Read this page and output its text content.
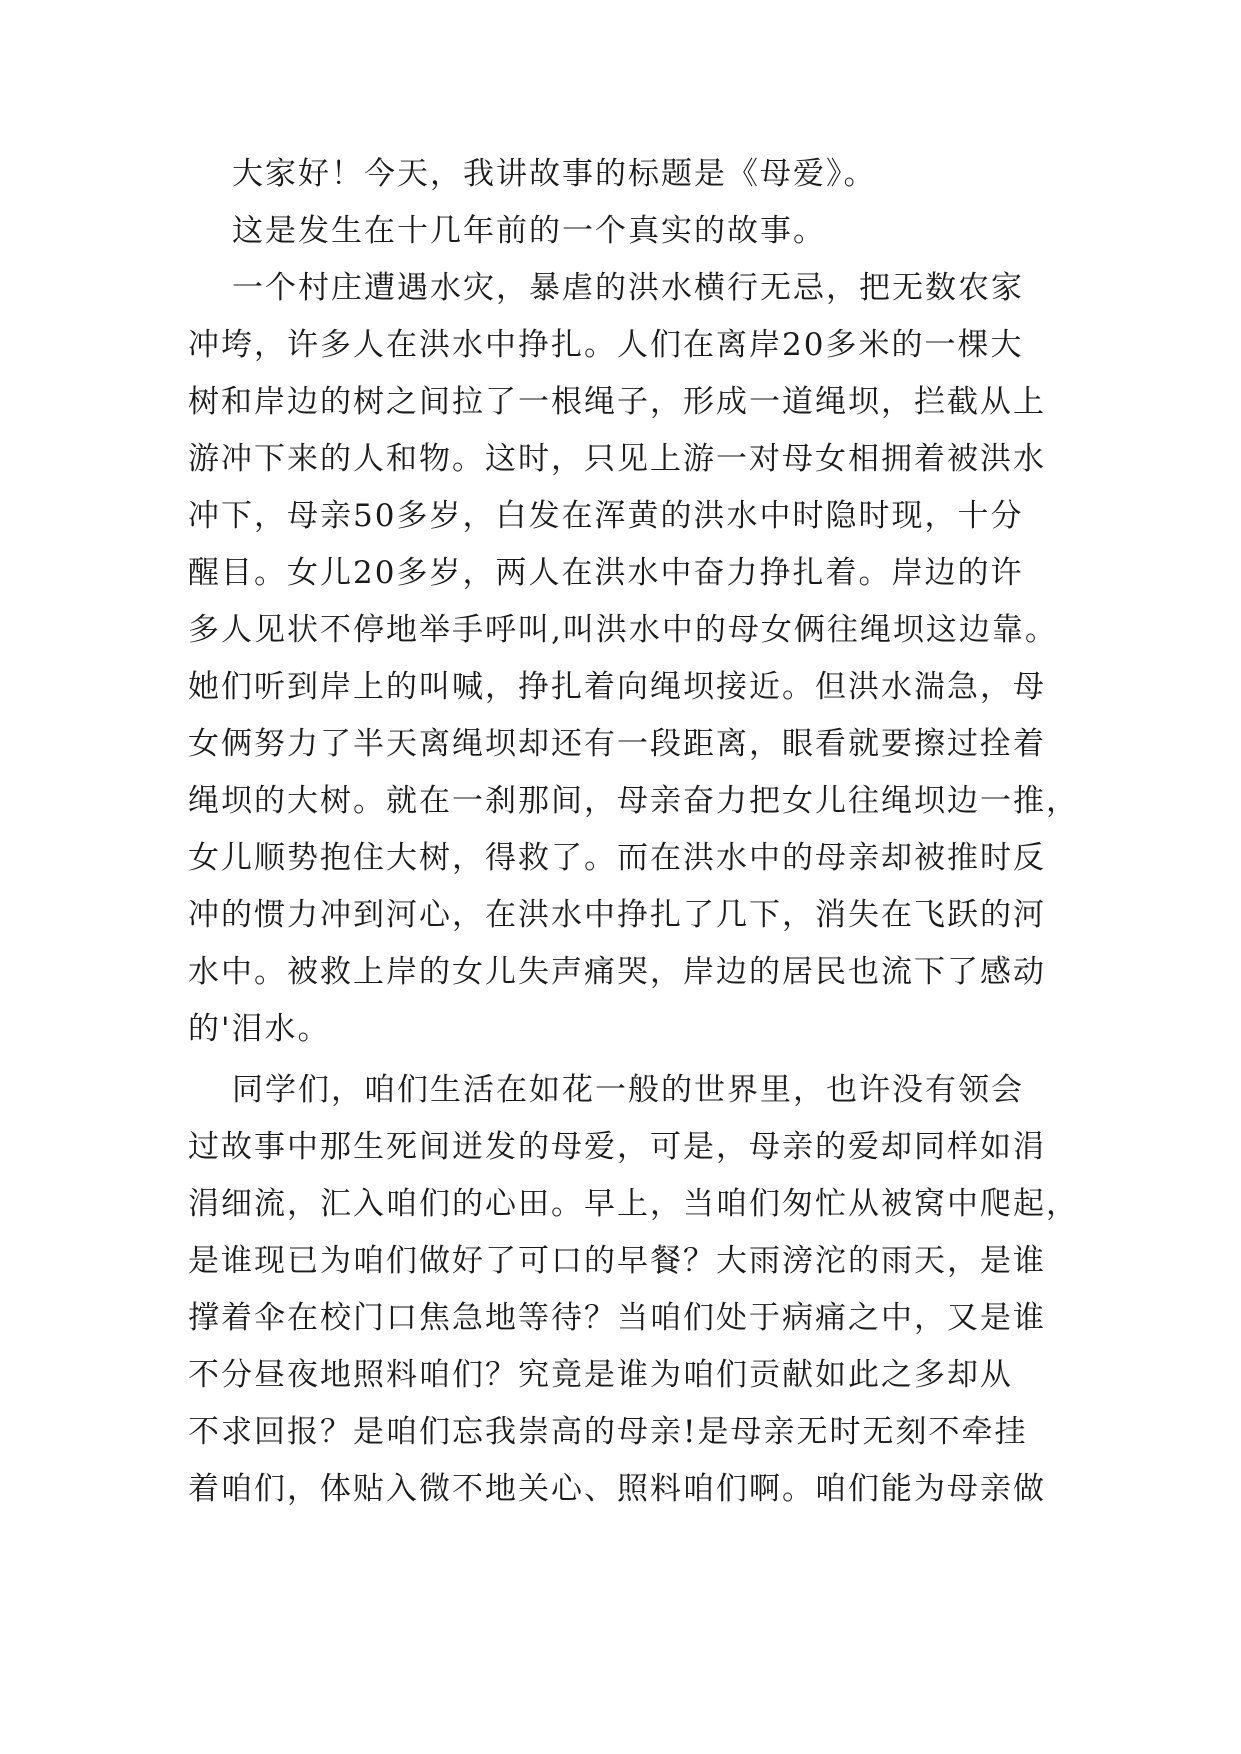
大家好！今天，我讲故事的标题是《母爱》。
这是发生在十几年前的一个真实的故事。
一个村庄遭遇水灾，暴虐的洪水横行无忌，把无数农家
冲垮，许多人在洪水中挣扎。人们在离岸20多米的一棵大
树和岸边的树之间拉了一根绳子，形成一道绳坝，拦截从上
游冲下来的人和物。这时，只见上游一对母女相拥着被洪水
冲下，母亲50多岁，白发在浑黄的洪水中时隐时现，十分
醒目。女儿20多岁，两人在洪水中奋力挣扎着。岸边的许
多人见状不停地举手呼叫,叫洪水中的母女俩往绳坝这边靠。
她们听到岸上的叫喊，挣扎着向绳坝接近。但洪水湍急，母
女俩努力了半天离绳坝却还有一段距离，眼看就要擦过拴着
绳坝的大树。就在一刹那间，母亲奋力把女儿往绳坝边一推，
女儿顺势抱住大树，得救了。而在洪水中的母亲却被推时反
冲的惯力冲到河心，在洪水中挣扎了几下，消失在飞跃的河
水中。被救上岸的女儿失声痛哭，岸边的居民也流下了感动
的'泪水。
同学们，咱们生活在如花一般的世界里，也许没有领会
过故事中那生死间迸发的母爱，可是，母亲的爱却同样如涓
涓细流，汇入咱们的心田。早上，当咱们匆忙从被窝中爬起，
是谁现已为咱们做好了可口的早餐？大雨滂沱的雨天，是谁
撑着伞在校门口焦急地等待？当咱们处于病痛之中，又是谁
不分昼夜地照料咱们？究竟是谁为咱们贡献如此之多却从
不求回报？是咱们忘我崇高的母亲!是母亲无时无刻不牵挂
着咱们，体贴入微不地关心、照料咱们啊。咱们能为母亲做
